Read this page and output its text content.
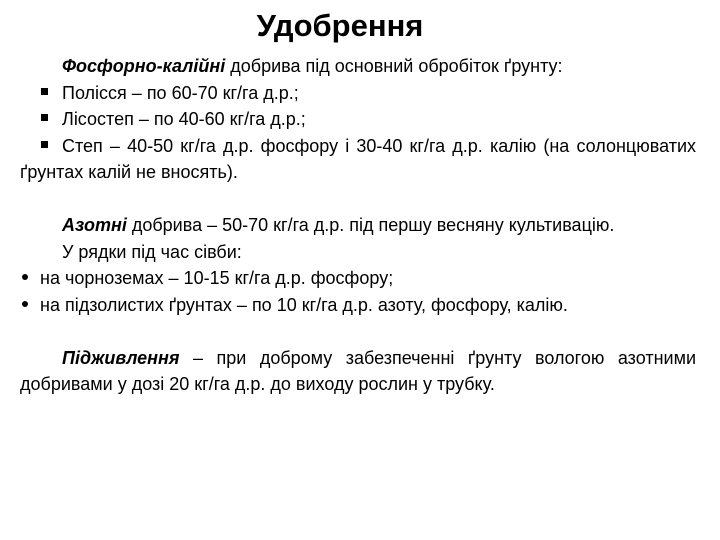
Удобрення

Фосфорно-калійні добрива під основний обробіток ґрунту:

Полісся – по 60-70 кг/га д.р.;

Лісостеп – по 40-60 кг/га д.р.;

Степ – 40-50 кг/га д.р. фосфору і 30-40 кг/га д.р. калію (на солонцюватих ґрунтах калій не вносять).

Азотні добрива – 50-70 кг/га д.р. під першу весняну культивацію.

У рядки під час сівби:

на чорноземах – 10-15 кг/га д.р. фосфору;

на підзолистих ґрунтах – по 10 кг/га д.р. азоту, фосфору, калію.

Підживлення – при доброму забезпеченні ґрунту вологою азотними добривами у дозі 20 кг/га д.р. до виходу рослин у трубку.
